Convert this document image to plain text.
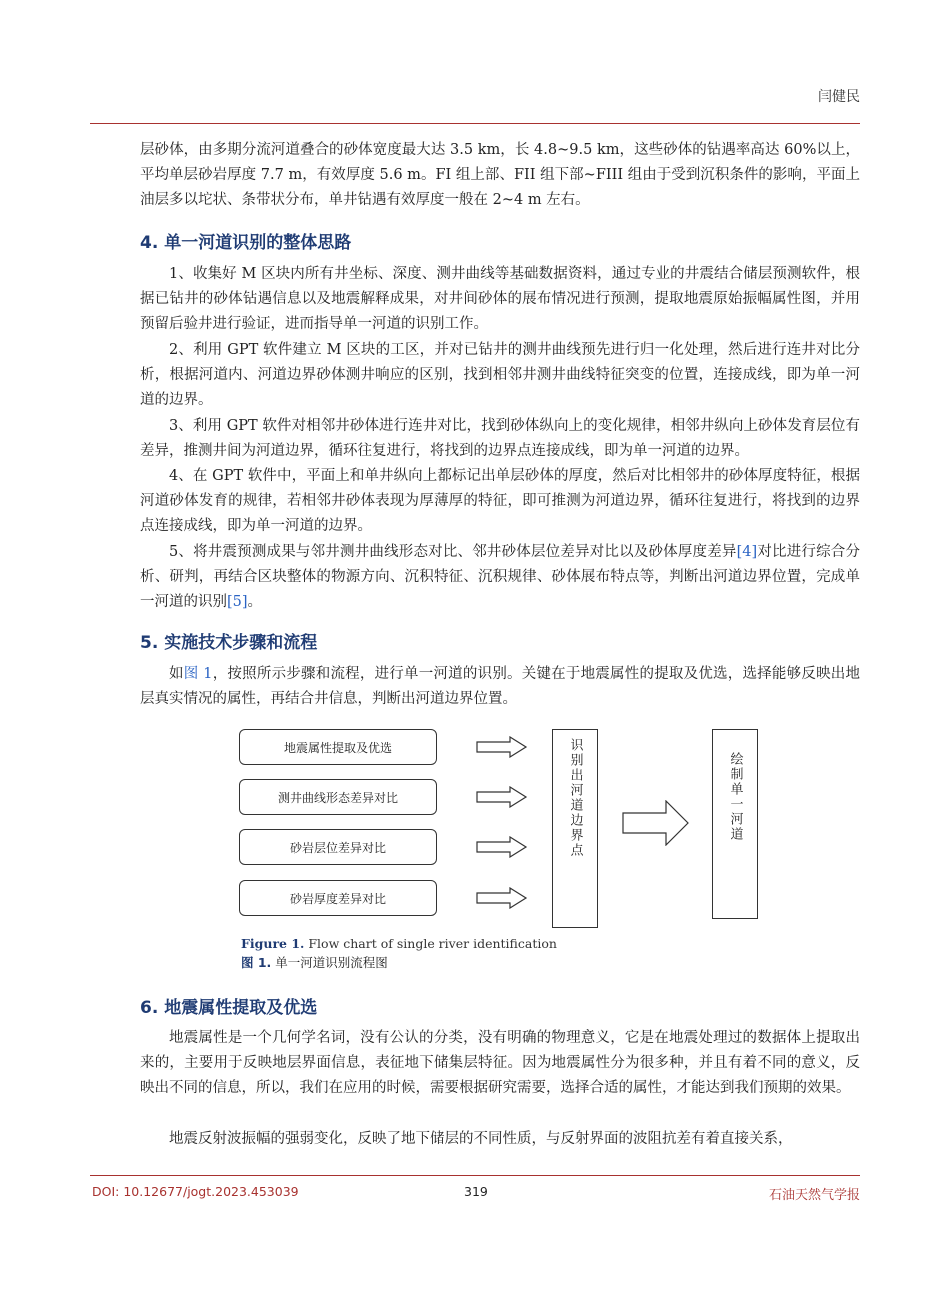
闫健民

层砂体，由多期分流河道叠合的砂体宽度最大达 3.5 km，长 4.8~9.5 km，这些砂体的钻遇率高达 60%以上，平均单层砂岩厚度 7.7 m，有效厚度 5.6 m。FI 组上部、FII 组下部~FIII 组由于受到沉积条件的影响，平面上油层多以坨状、条带状分布，单井钻遇有效厚度一般在 2~4 m 左右。

4. 单一河道识别的整体思路

1、收集好 M 区块内所有井坐标、深度、测井曲线等基础数据资料，通过专业的井震结合储层预测软件，根据已钻井的砂体钻遇信息以及地震解释成果，对井间砂体的展布情况进行预测，提取地震原始振幅属性图，并用预留后验井进行验证，进而指导单一河道的识别工作。

2、利用 GPT 软件建立 M 区块的工区，并对已钻井的测井曲线预先进行归一化处理，然后进行连井对比分析，根据河道内、河道边界砂体测井响应的区别，找到相邻井测井曲线特征突变的位置，连接成线，即为单一河道的边界。

3、利用 GPT 软件对相邻井砂体进行连井对比，找到砂体纵向上的变化规律，相邻井纵向上砂体发育层位有差异，推测井间为河道边界，循环往复进行，将找到的边界点连接成线，即为单一河道的边界。

4、在 GPT 软件中，平面上和单井纵向上都标记出单层砂体的厚度，然后对比相邻井的砂体厚度特征，根据河道砂体发育的规律，若相邻井砂体表现为厚薄厚的特征，即可推测为河道边界，循环往复进行，将找到的边界点连接成线，即为单一河道的边界。

5、将井震预测成果与邻井测井曲线形态对比、邻井砂体层位差异对比以及砂体厚度差异[4]对比进行综合分析、研判，再结合区块整体的物源方向、沉积特征、沉积规律、砂体展布特点等，判断出河道边界位置，完成单一河道的识别[5]。

5. 实施技术步骤和流程

如图 1，按照所示步骤和流程，进行单一河道的识别。关键在于地震属性的提取及优选，选择能够反映出地层真实情况的属性，再结合井信息，判断出河道边界位置。

地震属性提取及优选
测井曲线形态差异对比
砂岩层位差异对比
砂岩厚度差异对比
识别出河道边界点	绘制单一河道
Figure 1. Flow chart of single river identification
图 1. 单一河道识别流程图
6. 地震属性提取及优选

地震属性是一个几何学名词，没有公认的分类，没有明确的物理意义，它是在地震处理过的数据体上提取出来的，主要用于反映地层界面信息，表征地下储集层特征。因为地震属性分为很多种，并且有着不同的意义，反映出不同的信息，所以，我们在应用的时候，需要根据研究需要，选择合适的属性，才能达到我们预期的效果。

地震反射波振幅的强弱变化，反映了地下储层的不同性质，与反射界面的波阻抗差有着直接关系，

DOI: 10.12677/jogt.2023.453039	319	石油天然气学报
